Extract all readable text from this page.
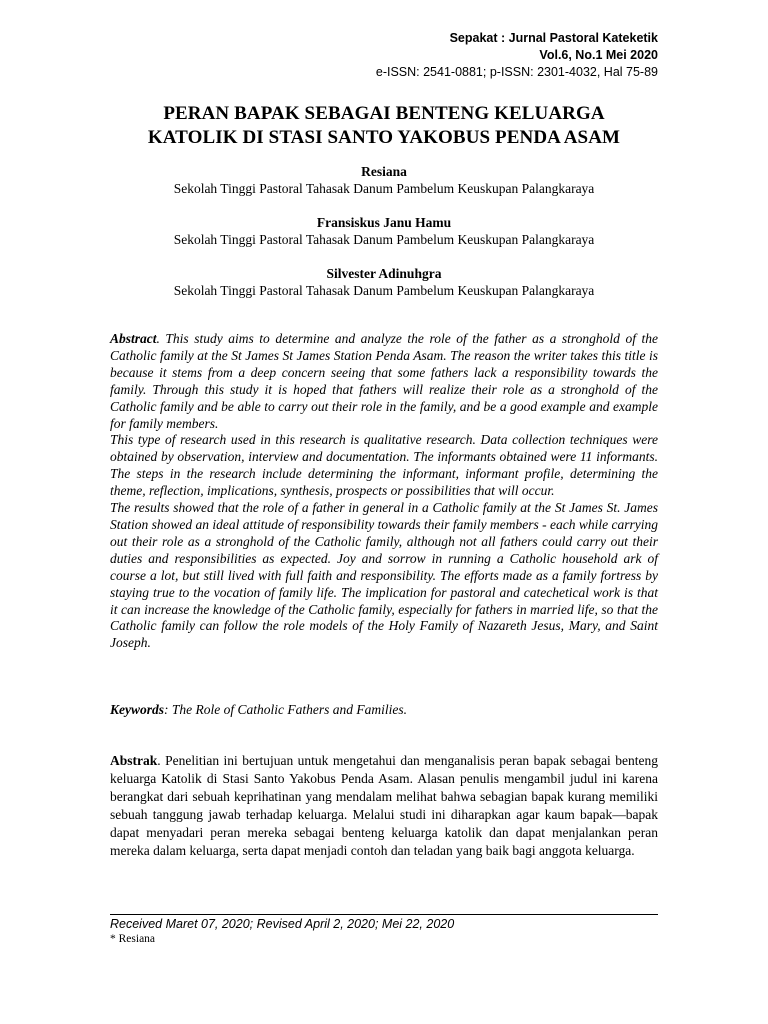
Sepakat : Jurnal Pastoral Kateketik
Vol.6, No.1 Mei 2020
e-ISSN: 2541-0881; p-ISSN: 2301-4032, Hal 75-89
PERAN BAPAK SEBAGAI BENTENG KELUARGA
KATOLIK DI STASI SANTO YAKOBUS PENDA ASAM
Resiana
Sekolah Tinggi Pastoral Tahasak Danum Pambelum Keuskupan Palangkaraya
Fransiskus Janu Hamu
Sekolah Tinggi Pastoral Tahasak Danum Pambelum Keuskupan Palangkaraya
Silvester Adinuhgra
Sekolah Tinggi Pastoral Tahasak Danum Pambelum Keuskupan Palangkaraya

Abstract. This study aims to determine and analyze the role of the father as a stronghold of the Catholic family at the St James St James Station Penda Asam. The reason the writer takes this title is because it stems from a deep concern seeing that some fathers lack a responsibility towards the family. Through this study it is hoped that fathers will realize their role as a stronghold of the Catholic family and be able to carry out their role in the family, and be a good example and example for family members.

This type of research used in this research is qualitative research. Data collection techniques were obtained by observation, interview and documentation. The informants obtained were 11 informants. The steps in the research include determining the informant, informant profile, determining the theme, reflection, implications, synthesis, prospects or possibilities that will occur.

The results showed that the role of a father in general in a Catholic family at the St James St. James Station showed an ideal attitude of responsibility towards their family members - each while carrying out their role as a stronghold of the Catholic family, although not all fathers could carry out their duties and responsibilities as expected. Joy and sorrow in running a Catholic household ark of course a lot, but still lived with full faith and responsibility. The efforts made as a family fortress by staying true to the vocation of family life. The implication for pastoral and catechetical work is that it can increase the knowledge of the Catholic family, especially for fathers in married life, so that the Catholic family can follow the role models of the Holy Family of Nazareth Jesus, Mary, and Saint Joseph.

Keywords: The Role of Catholic Fathers and Families.

Abstrak. Penelitian ini bertujuan untuk mengetahui dan menganalisis peran bapak sebagai benteng keluarga Katolik di Stasi Santo Yakobus Penda Asam. Alasan penulis mengambil judul ini karena berangkat dari sebuah keprihatinan yang mendalam melihat bahwa sebagian bapak kurang memiliki sebuah tanggung jawab terhadap keluarga. Melalui studi ini diharapkan agar kaum bapak—bapak dapat menyadari peran mereka sebagai benteng keluarga katolik dan dapat menjalankan peran mereka dalam keluarga, serta dapat menjadi contoh dan teladan yang baik bagi anggota keluarga.

Received Maret 07, 2020; Revised April 2, 2020; Mei 22, 2020
* Resiana
